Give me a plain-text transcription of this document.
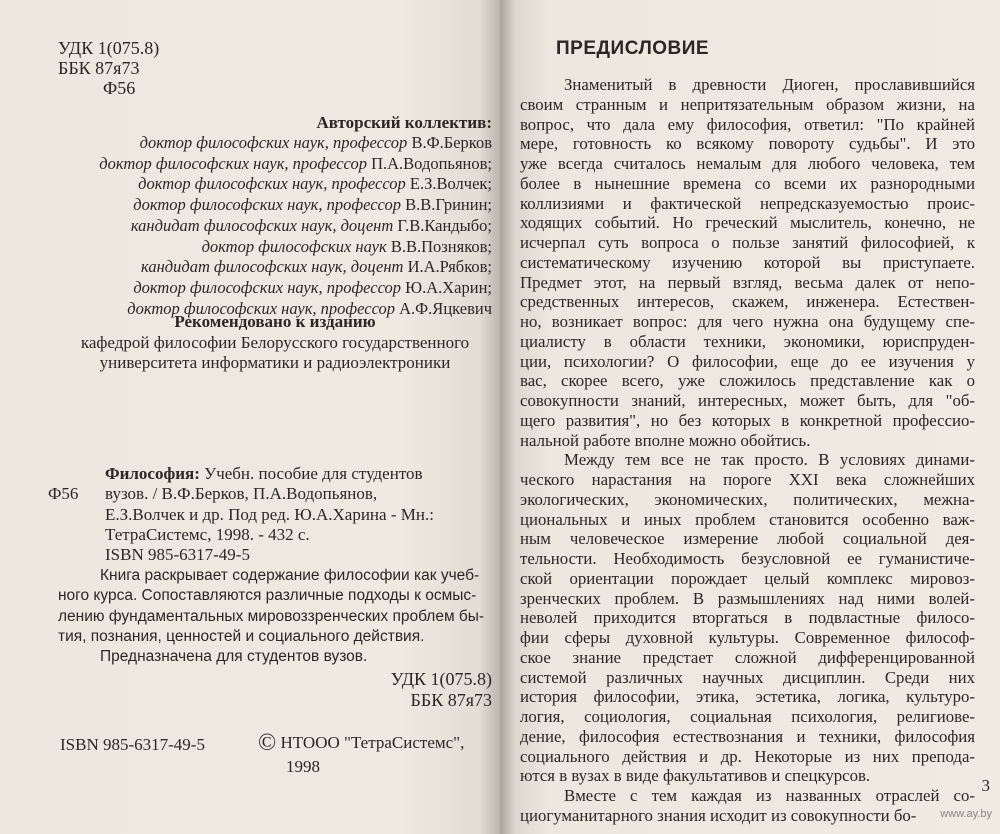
УДК 1(075.8)
ББК 87я73
Ф56
Авторский коллектив:
доктор философских наук, профессор В.Ф.Берков
доктор философских наук, профессор П.А.Водопьянов;
доктор философских наук, профессор Е.З.Волчек;
доктор философских наук, профессор В.В.Гринин;
кандидат философских наук, доцент Г.В.Кандыбо;
доктор философских наук В.В.Позняков;
кандидат философских наук, доцент И.А.Рябков;
доктор философских наук, профессор Ю.А.Харин;
доктор философских наук, профессор А.Ф.Яцкевич
Рекомендовано к изданию
кафедрой философии Белорусского государственного
университета информатики и радиоэлектроники
Философия: Учебн. пособие для студентов
Ф56 вузов. / В.Ф.Берков, П.А.Водопьянов,
Е.З.Волчек и др. Под ред. Ю.А.Харина - Мн.:
ТетраСистемс, 1998. - 432 с.
ISBN 985-6317-49-5

Книга раскрывает содержание философии как учеб-

ного курса. Сопоставляются различные подходы к осмыс-
лению фундаментальных мировоззренческих проблем бы-
тия, познания, ценностей и социального действия.

Предназначена для студентов вузов.

УДК 1(075.8)
ББК 87я73
ISBN 985-6317-49-5 © НТООО "ТетраСистемс",
1998
ПРЕДИСЛОВИЕ
Знаменитый в древности Диоген, прославившийся
своим странным и непритязательным образом жизни, на
вопрос, что дала ему философия, ответил: "По крайней
мере, готовность ко всякому повороту судьбы". И это
уже всегда считалось немалым для любого человека, тем
более в нынешние времена со всеми их разнородными
коллизиями и фактической непредсказуемостью проис-
ходящих событий. Но греческий мыслитель, конечно, не
исчерпал суть вопроса о пользе занятий философией, к
систематическому изучению которой вы приступаете.
Предмет этот, на первый взгляд, весьма далек от непо-
средственных интересов, скажем, инженера. Естествен-
но, возникает вопрос: для чего нужна она будущему спе-
циалисту в области техники, экономики, юриспруден-
ции, психологии? О философии, еще до ее изучения у
вас, скорее всего, уже сложилось представление как о
совокупности знаний, интересных, может быть, для "об-
щего развития", но без которых в конкретной профессио-
нальной работе вполне можно обойтись.
Между тем все не так просто. В условиях динами-
ческого нарастания на пороге XXI века сложнейших
экологических, экономических, политических, межна-
циональных и иных проблем становится особенно важ-
ным человеческое измерение любой социальной дея-
тельности. Необходимость безусловной ее гуманистиче-
ской ориентации порождает целый комплекс мировоз-
зренческих проблем. В размышлениях над ними волей-
неволей приходится вторгаться в подвластные филосо-
фии сферы духовной культуры. Современное философ-
ское знание предстает сложной дифференцированной
системой различных научных дисциплин. Среди них
история философии, этика, эстетика, логика, культуро-
логия, социология, социальная психология, религиове-
дение, философия естествознания и техники, философия
социального действия и др. Некоторые из них препода-
ются в вузах в виде факультативов и спецкурсов.
Вместе с тем каждая из названных отраслей со-
циогуманитарного знания исходит из совокупности бо-
3
www.ay.by
